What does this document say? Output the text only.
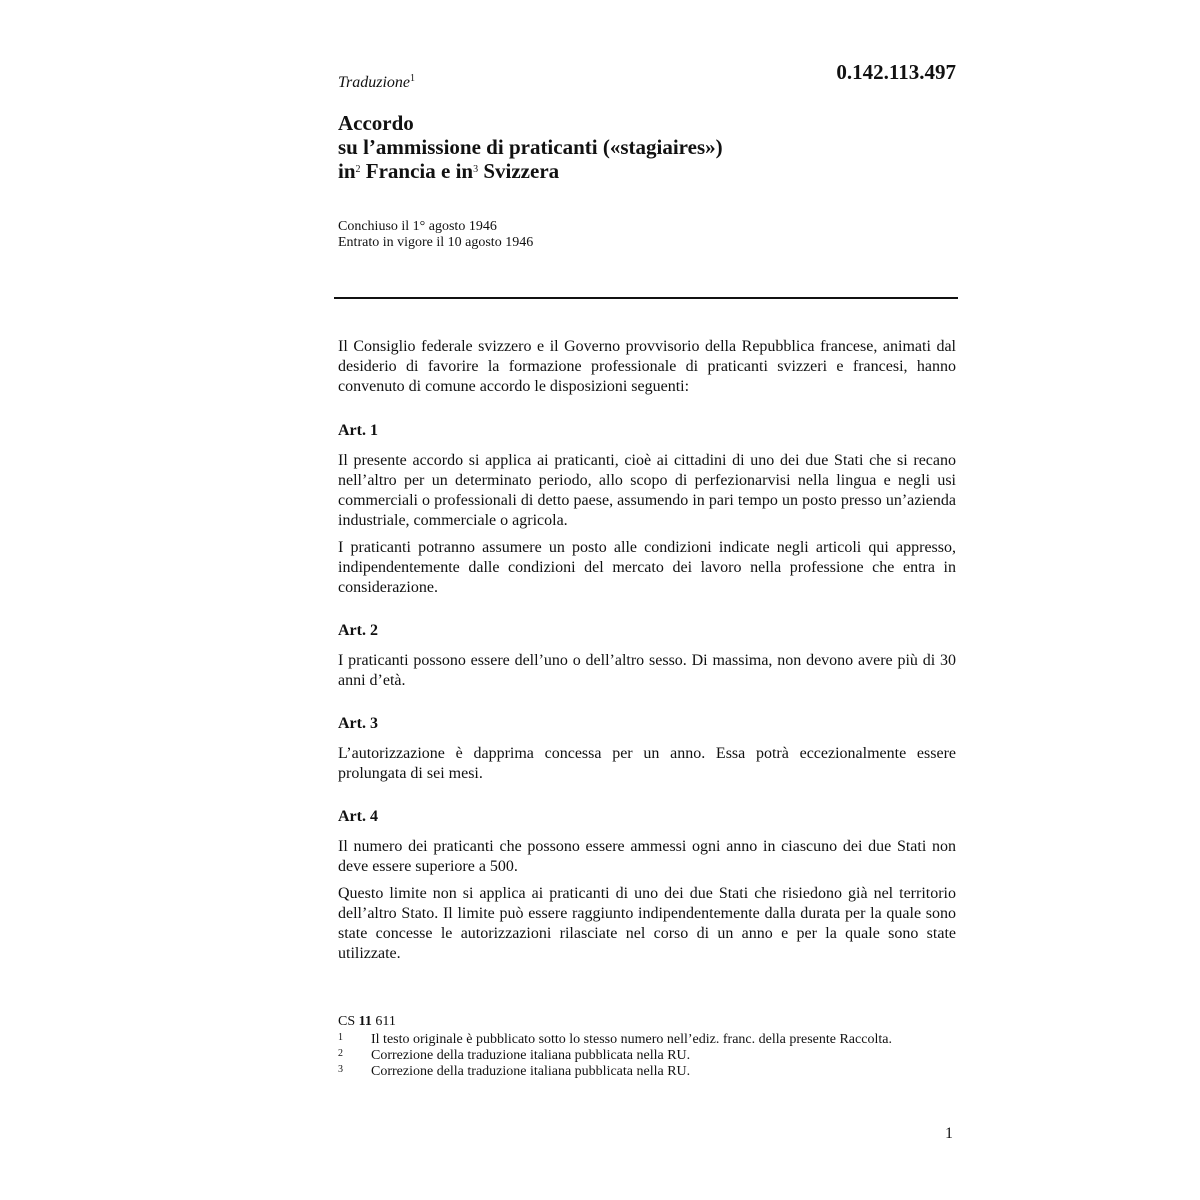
Traduzione$^1$	0.142.113.497
Accordo
su l’ammissione di praticanti («stagiaires»)
$in^2$ Francia e $in^3$ Svizzera
Conchiuso il 1° agosto 1946
Entrato in vigore il 10 agosto 1946

Il Consiglio federale svizzero e il Governo provvisorio della Repubblica francese, animati dal desiderio di favorire la formazione professionale di praticanti svizzeri e francesi, hanno convenuto di comune accordo le disposizioni seguenti:

Art. 1

Il presente accordo si applica ai praticanti, cioè ai cittadini di uno dei due Stati che si recano nell’altro per un determinato periodo, allo scopo di perfezionarvisi nella lingua e negli usi commerciali o professionali di detto paese, assumendo in pari tempo un posto presso un’azienda industriale, commerciale o agricola.

I praticanti potranno assumere un posto alle condizioni indicate negli articoli qui appresso, indipendentemente dalle condizioni del mercato dei lavoro nella professione che entra in considerazione.

Art. 2

I praticanti possono essere dell’uno o dell’altro sesso. Di massima, non devono avere più di 30 anni d’età.

Art. 3

L’autorizzazione è dapprima concessa per un anno. Essa potrà eccezionalmente essere prolungata di sei mesi.

Art. 4

Il numero dei praticanti che possono essere ammessi ogni anno in ciascuno dei due Stati non deve essere superiore a 500.

Questo limite non si applica ai praticanti di uno dei due Stati che risiedono già nel territorio dell’altro Stato. Il limite può essere raggiunto indipendentemente dalla durata per la quale sono state concesse le autorizzazioni rilasciate nel corso di un anno e per la quale sono state utilizzate.

CS 11 611
1	Il testo originale è pubblicato sotto lo stesso numero nell’ediz. franc. della presente Raccolta.
2	Correzione della traduzione italiana pubblicata nella RU.
3	Correzione della traduzione italiana pubblicata nella RU.
1
